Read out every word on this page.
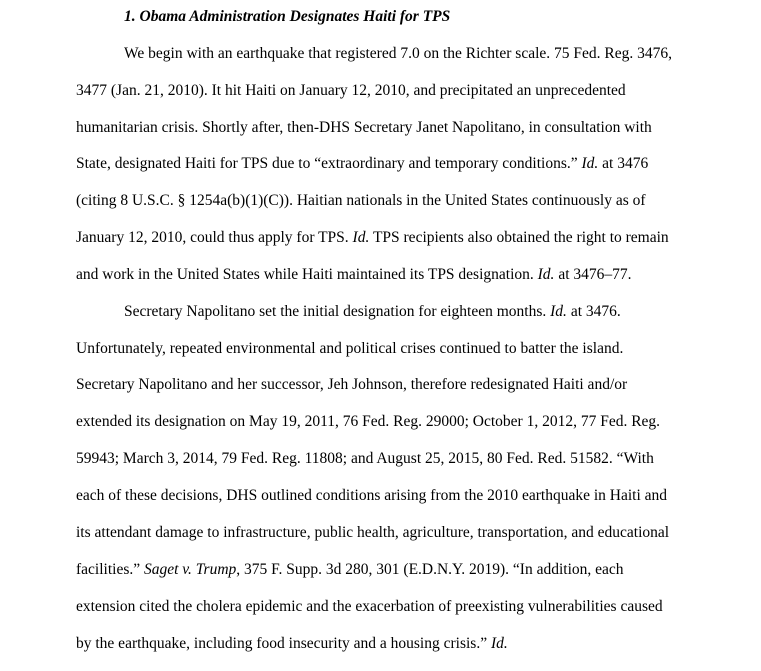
1. Obama Administration Designates Haiti for TPS
We begin with an earthquake that registered 7.0 on the Richter scale. 75 Fed. Reg. 3476,
3477 (Jan. 21, 2010). It hit Haiti on January 12, 2010, and precipitated an unprecedented
humanitarian crisis. Shortly after, then-DHS Secretary Janet Napolitano, in consultation with
State, designated Haiti for TPS due to “extraordinary and temporary conditions.” Id. at 3476
(citing 8 U.S.C. § 1254a(b)(1)(C)). Haitian nationals in the United States continuously as of
January 12, 2010, could thus apply for TPS. Id. TPS recipients also obtained the right to remain
and work in the United States while Haiti maintained its TPS designation. Id. at 3476–77.
Secretary Napolitano set the initial designation for eighteen months. Id. at 3476.
Unfortunately, repeated environmental and political crises continued to batter the island.
Secretary Napolitano and her successor, Jeh Johnson, therefore redesignated Haiti and/or
extended its designation on May 19, 2011, 76 Fed. Reg. 29000; October 1, 2012, 77 Fed. Reg.
59943; March 3, 2014, 79 Fed. Reg. 11808; and August 25, 2015, 80 Fed. Red. 51582. “With
each of these decisions, DHS outlined conditions arising from the 2010 earthquake in Haiti and
its attendant damage to infrastructure, public health, agriculture, transportation, and educational
facilities.” Saget v. Trump, 375 F. Supp. 3d 280, 301 (E.D.N.Y. 2019). “In addition, each
extension cited the cholera epidemic and the exacerbation of preexisting vulnerabilities caused
by the earthquake, including food insecurity and a housing crisis.” Id.
